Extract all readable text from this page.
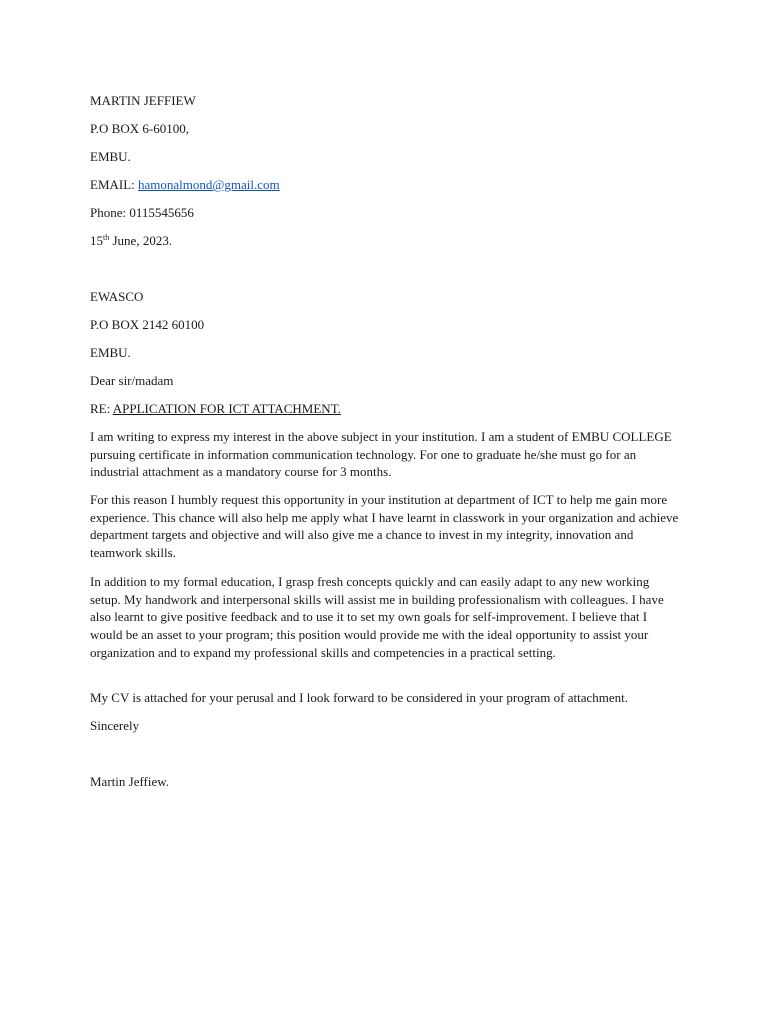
MARTIN JEFFIEW
P.O BOX 6-60100,
EMBU.
EMAIL: hamonalmond@gmail.com
Phone: 0115545656
15th June, 2023.
EWASCO
P.O BOX 2142 60100
EMBU.
Dear sir/madam
RE: APPLICATION FOR ICT ATTACHMENT.
I am writing to express my interest in the above subject in your institution. I am a student of EMBU COLLEGE pursuing certificate in information communication technology. For one to graduate he/she must go for an industrial attachment as a mandatory course for 3 months.
For this reason I humbly request this opportunity in your institution at department of ICT to help me gain more experience. This chance will also help me apply what I have learnt in classwork in your organization and achieve department targets and objective and will also give me a chance to invest in my integrity, innovation and teamwork skills.
In addition to my formal education, I grasp fresh concepts quickly and can easily adapt to any new working setup. My handwork and interpersonal skills will assist me in building professionalism with colleagues. I have also learnt to give positive feedback and to use it to set my own goals for self-improvement. I believe that I would be an asset to your program; this position would provide me with the ideal opportunity to assist your organization and to expand my professional skills and competencies in a practical setting.
My CV is attached for your perusal and I look forward to be considered in your program of attachment.
Sincerely
Martin Jeffiew.
